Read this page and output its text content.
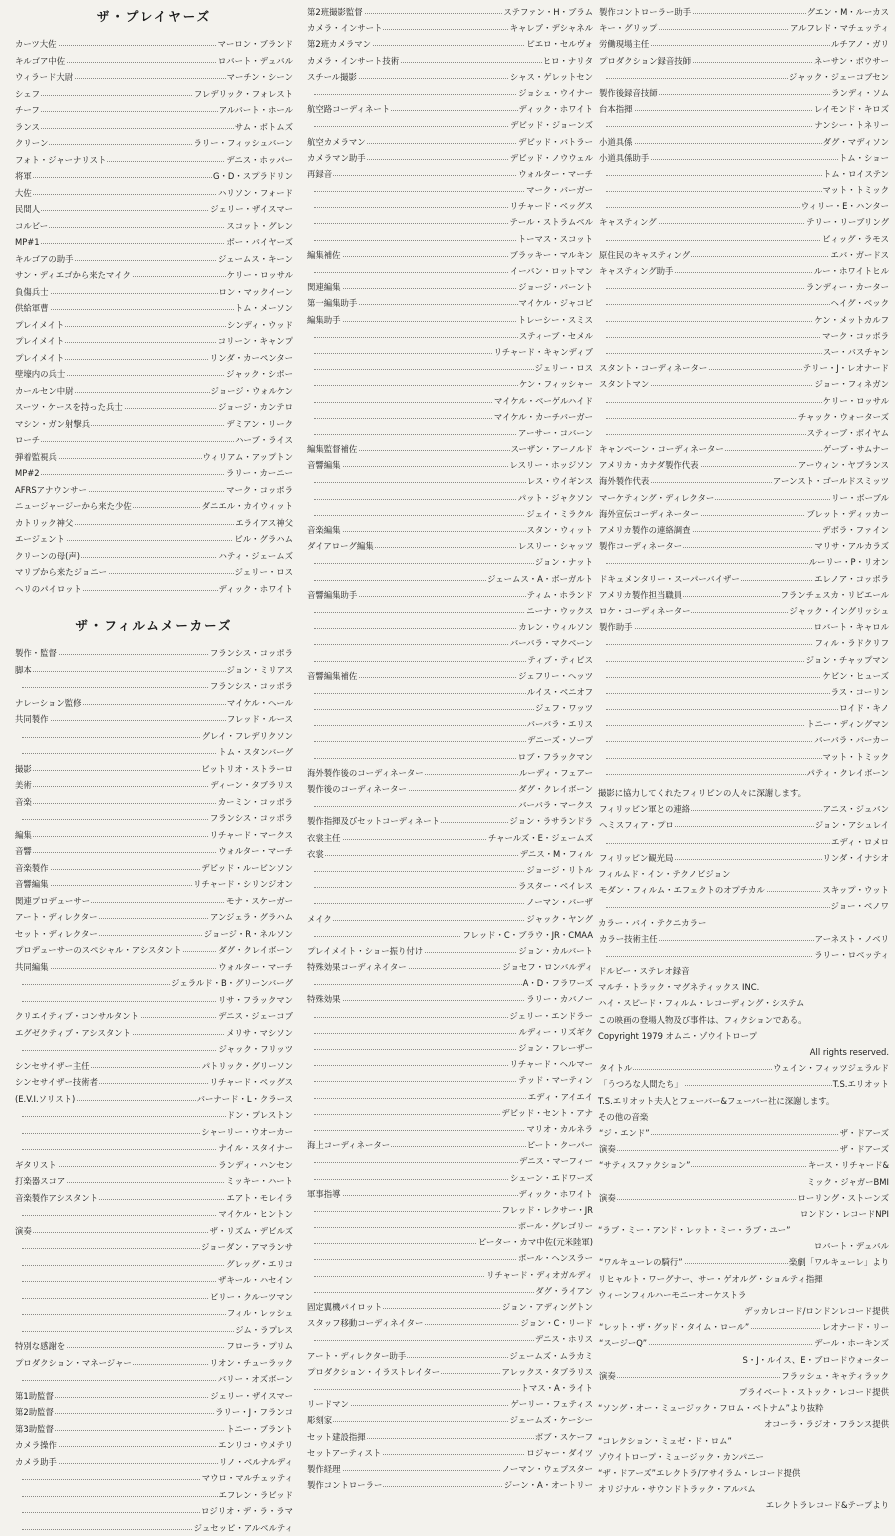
ザ・プレイヤーズ
カーツ大佐	マーロン・ブランド
キルゴア中佐	ロバート・デュバル
ウィラード大尉	マーチン・シーン
シェフ	フレデリック・フォレスト
チーフ	アルバート・ホール
ランス	サム・ボトムズ
クリーン	ラリー・フィッシュバーン
フォト・ジャーナリスト	デニス・ホッパー
将軍	G・D・スプラドリン
大佐	ハリソン・フォード
民間人	ジェリー・ザイスマー
コルビー	スコット・グレン
MP#1	ボー・バイヤーズ
キルゴアの助手	ジェームス・キーン
サン・ディエゴから来たマイク	ケリー・ロッサル
負傷兵士	ロン・マックイーン
供給軍曹	トム・メーソン
プレイメイト	シンディ・ウッド
プレイメイト	コリーン・キャンプ
プレイメイト	リンダ・カーペンター
壁壕内の兵士	ジャック・シポー
カールセン中尉	ジョージ・ウォルケン
スーツ・ケースを持った兵士	ジョージ・カンテロ
マシン・ガン射撃兵	デミアン・リーク
ローチ	ハーブ・ライス
弾着監視兵	ウィリアム・アップトン
MP#2	ラリー・カーニー
AFRSアナウンサー	マーク・コッポラ
ニュージャージーから来た少佐	ダニエル・カイウィット
カトリック神父	エライアス神父
エージェント	ビル・グラハム
クリーンの母(声)	ハティ・ジェームズ
マリブから来たジョニー	ジェリー・ロス
ヘリのパイロット	ディック・ホワイト
ザ・フィルムメーカーズ
製作・監督	フランシス・コッポラ
脚本	ジョン・ミリアス
フランシス・コッポラ
ナレーション監修	マイケル・ヘール
共同製作	フレッド・ルース
グレイ・フレデリクソン
トム・スタンバーグ
撮影	ビットリオ・ストラーロ
美術	ディーン・タブラリス
音楽	カーミン・コッポラ
フランシス・コッポラ
編集	リチャード・マークス
音響	ウォルター・マーチ
音楽製作	デビッド・ルービンソン
音響編集	リチャード・シリンジオン
関連プロデューサー	モナ・スケーガー
アート・ディレクター	アンジェラ・グラハム
セット・ディレクター	ジョージ・R・ネルソン
プロデューサーのスペシャル・アシスタント	ダグ・クレイボーン
共同編集	ウォルター・マーチ
ジェラルド・B・グリーンバーグ
リサ・フラックマン
クリエイティブ・コンサルタント	デニス・ジェーコブ
エグゼクティブ・アシスタント	メリサ・マシソン
ジャック・フリッツ
シンセサイザー主任	パトリック・グリーソン
シンセサイザー技術者	リチャード・ベッグス
(E.V.I.ソリスト)	バーナード・L・クラース
ドン・プレストン
シャーリー・ウオーカー
ナイル・スタイナー
ギタリスト	ランディ・ハンセン
打楽器スコア	ミッキー・ハート
音楽製作アシスタント	エアト・モレイラ
マイケル・ヒントン
演奏	ザ・リズム・デビルズ
ジョーダン・アマランサ
グレッグ・エリコ
ザキール・ハセイン
ビリー・クルーツマン
フィル・レッシュ
ジム・ラプレス
特別な感謝を	フローラ・プリム
プロダクション・マネージャー	リオン・チューラック
バリー・オズボーン
第1助監督	ジェリー・ザイスマー
第2助監督	ラリー・J・フランコ
第3助監督	トニー・ブラント
カメラ操作	エンリコ・ウメテリ
カメラ助手	リノ・ベルナルディ
マウロ・マルチェッティ
エフレン・ラビッド
ロジリオ・デ・ラ・ラマ
ジュセッピ・アルベルティ
第2班撮影監督	ステファン・H・ブラム
カメラ・インサート	キャレブ・デシャネル
第2班カメラマン	ピエロ・セルヴォ
カメラ・インサート技術	ヒロ・ナリタ
スチール撮影	シャス・ゲレットセン
ジョシェ・ウイナー
航空路コーディネート	ディック・ホワイト
デビッド・ジョーンズ
航空カメラマン	デビッド・バトラー
カメラマン助手	デビッド・ノウウェル
再録音	ウォルター・マーチ
マーク・バーガー
リチャード・ベッグス
テール・ストラムベル
トーマス・スコット
編集補佐	ブラッキー・マルキン
イーバン・ロットマン
関連編集	ジョージ・バーント
第一編集助手	マイケル・ジャコビ
編集助手	トレーシー・スミス
スティーブ・セメル
リチャード・キャンディブ
ジェリー・ロス
ケン・フィッシャー
マイケル・ベーゲルハイド
マイケル・カーチバーガー
アーサー・コバーン
編集監督補佐	スーザン・アーノルド
音響編集	レスリー・ホッジソン
レス・ウイギンス
パット・ジャクソン
ジェイ・ミラクル
音楽編集	スタン・ウィット
ダイアローグ編集	レスリー・シャッツ
ジョン・ナット
ジェームス・A・ボーガルト
音響編集助手	ティム・ホランド
ニーナ・ウックス
カレン・ウィルソン
バーバラ・マクベーン
ティブ・ティビス
音響編集補佐	ジェフリー・ヘッツ
ルイス・ベニオフ
ジェフ・ワッツ
バーバラ・エリス
デニーズ・ソープ
ロブ・フラックマン
海外製作後のコーディネーター	ルーディ・フェアー
製作後のコーディネーター	ダグ・クレイボーン
バーバラ・マークス
製作指揮及びセットコーディネート	ジョン・ラサランドラ
衣裳主任	チャールズ・E・ジェームズ
衣裳	デニス・M・フィル
ジョージ・リトル
ラスター・ベイレス
ノーマン・バーザ
メイク	ジャック・ヤング
フレッド・C・ブラウ・JR・CMAA
プレイメイト・ショー振り付け	ジョン・カルバート
特殊効果コーディネイター	ジョセフ・ロンバルディ
A・D・フラワーズ
特殊効果	ラリー・カバノー
ジェリー・エンドラー
ルディー・リズギク
ジョン・フレーザー
リチャード・ヘルマー
テッド・マーティン
エディ・アイエイ
デビッド・セント・アナ
マリオ・カルネラ
海上コーディネーター	ピート・クーパー
デニス・マーフィー
シェーン・エドワーズ
軍事指導	ディック・ホワイト
フレッド・レクサー・JR
ポール・グレゴリー
ピーター・カマ中佐(元米陸軍)
ポール・ヘンスラー
リチャード・ディオガルディ
ダグ・ライアン
固定翼機パイロット	ジョン・アディングトン
スタッフ移動コーディネイター	ジョン・C・リード
デニス・ホリス
アート・ディレクター助手	ジェームズ・ムラカミ
プロダクション・イラストレイター	アレックス・タブラリス
トマス・A・ライト
リードマン	ゲーリー・フェティス
彫刻家	ジェームズ・ケーシー
セット建設指揮	ボブ・スケーフ
セットアーティスト	ロジャー・ダイツ
製作経理	ノーマン・ウェブスター
製作コントローラー	ジーン・A・オートリー
製作コントローラー助手	グエン・M・ルーカス
キー・グリップ	アルフレド・マチェッティ
労働現場主任	ルチアノ・ガリ
プロダクション録音技師	ネーサン・ボウサー
ジャック・ジェーコブセン
製作後録音技師	ランディ・ソム
台本指揮	レイモンド・キロズ
ナンシー・トネリー
小道具係	ダグ・マディソン
小道具係助手	トム・ショー
トム・ロイステン
マット・トミック
ウィリー・E・ハンター
キャスティング	テリー・リーブリング
ビィッグ・ラモス
原住民のキャスティング	エバ・ガードス
キャスティング助手	ルー・ホワイトヒル
ランディー・カーター
ヘイグ・ベック
ケン・メットカルフ
マーク・コッポラ
スー・バスチャン
スタント・コーディネーター	テリー・J・レオナード
スタントマン	ジョー・フィネガン
ケリー・ロッサル
チャック・ウォーターズ
スティーブ・ボイヤム
キャンペーン・コーディネーター	ゲーブ・サムナー
アメリカ・カナダ製作代表	アーウィン・ヤブランス
海外製作代表	アーンスト・ゴールドスミッツ
マーケティング・ディレクター	リー・ボーブル
海外宣伝コーディネーター	ブレット・ディッカー
アメリカ製作の連絡調査	デボラ・ファイン
製作コーディネーター	マリサ・アルカラズ
ルーリー・P・リオン
ドキュメンタリー・スーパーバイザー	エレノア・コッポラ
アメリカ製作担当職員	フランチェスカ・リピエール
ロケ・コーディネーター	ジャック・イングリッシュ
製作助手	ロバート・キャロル
フィル・ラドクリフ
ジョン・チャップマン
ケビン・ヒューズ
ラス・コーリン
ロイド・キノ
トニー・ディングマン
バーバラ・バーカー
マット・トミック
パティ・クレイボーン
撮影に協力してくれたフィリピンの人々に深謝します。
フィリッピン軍との連絡	アニス・ジュバン
ヘミスフィア・プロ	ジョン・アシュレイ
エディ・ロメロ
フィリッピン観光局	リンダ・イナシオ
フィルムド・イン・テクノビジョン
モダン・フィルム・エフェクトのオプチカル	スキップ・ウット
ジョー・ベノワ
カラー・バイ・テクニカラー
カラー技術主任	アーネスト・ノベリ
ラリー・ロベッティ
ドルビー・ステレオ録音
マルチ・トラック・マグネティックス INC.
ハイ・スピード・フィルム・レコーディング・システム
この映画の登場人物及び事件は、フィクションである。
Copyright 1979 オムニ・ゾウイトロープ
All rights reserved.
タイトル	ウェイン・フィッツジェラルド
「うつろな人間たち」	T.S.エリオット
T.S.エリオット夫人とフェーバー&フェーバー社に深謝します。
その他の音楽
“ジ・エンド”	ザ・ドアーズ
演奏	ザ・ドアーズ
“サティスファクション”	キース・リチャード&
ミック・ジャガーBMI
演奏	ローリング・ストーンズ
ロンドン・レコードNPI
“ラブ・ミー・アンド・レット・ミー・ラブ・ユー”
ロバート・デュバル
“ワルキューレの騎行”	楽劇「ワルキューレ」より
リヒャルト・ワーグナー、サー・ゲオルグ・ショルティ指揮
ウィーンフィルハーモニーオーケストラ
デッカレコード/ロンドンレコード提供
“レット・ザ・グッド・タイム・ロール”	レオナード・リー
“スージーQ”	デール・ホーキンズ
S・J・ルイス、E・ブロードウォーター
演奏	フラッシュ・キャティラック
プライベート・ストック・レコード提供
“ソング・オー・ミュージック・フロム・ベトナム”より抜粋
オコーラ・ラジオ・フランス提供
“コレクション・ミュゼ・ド・ロム”
ゾウイトロープ・ミュージック・カンパニー
“ザ・ドアーズ”エレクトラ/アサイラム・レコード提供
オリジナル・サウンドトラック・アルバム
エレクトラレコード&テープより
